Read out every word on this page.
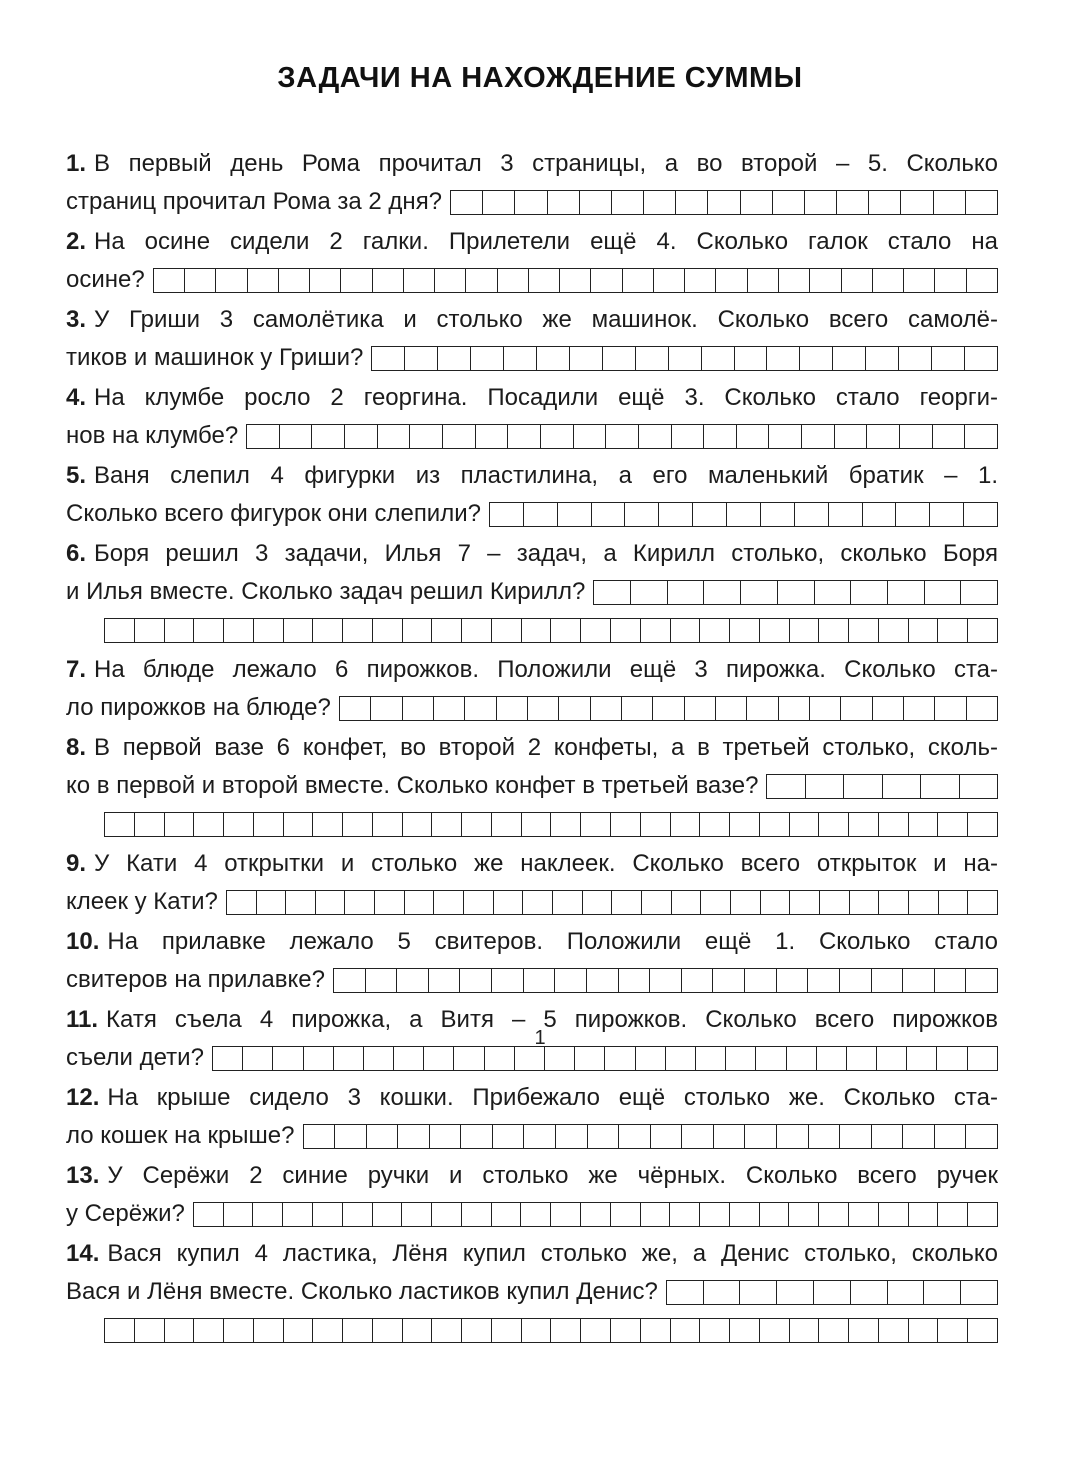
ЗАДАЧИ НА НАХОЖДЕНИЕ СУММЫ
1. В первый день Рома прочитал 3 страницы, а во второй – 5. Сколько
страниц прочитал Рома за 2 дня?
2. На осине сидели 2 галки. Прилетели ещё 4. Сколько галок стало на
осине?
3. У Гриши 3 самолётика и столько же машинок. Сколько всего самолё-
тиков и машинок у Гриши?
4. На клумбе росло 2 георгина. Посадили ещё 3. Сколько стало георги-
нов на клумбе?
5. Ваня слепил 4 фигурки из пластилина, а его маленький братик – 1.
Сколько всего фигурок они слепили?
6. Боря решил 3 задачи, Илья 7 – задач, а Кирилл столько, сколько Боря
и Илья вместе. Сколько задач решил Кирилл?
7. На блюде лежало 6 пирожков. Положили ещё 3 пирожка. Сколько ста-
ло пирожков на блюде?
8. В первой вазе 6 конфет, во второй 2 конфеты, а в третьей столько, сколь-
ко в первой и второй вместе. Сколько конфет в третьей вазе?
9. У Кати 4 открытки и столько же наклеек. Сколько всего открыток и на-
клеек у Кати?
10. На прилавке лежало 5 свитеров. Положили ещё 1. Сколько стало
свитеров на прилавке?
11. Катя съела 4 пирожка, а Витя – 5 пирожков. Сколько всего пирожков
съели дети?
12. На крыше сидело 3 кошки. Прибежало ещё столько же. Сколько ста-
ло кошек на крыше?
13. У Серёжи 2 синие ручки и столько же чёрных. Сколько всего ручек
у Серёжи?
14. Вася купил 4 ластика, Лёня купил столько же, а Денис столько, сколько
Вася и Лёня вместе. Сколько ластиков купил Денис?
1
